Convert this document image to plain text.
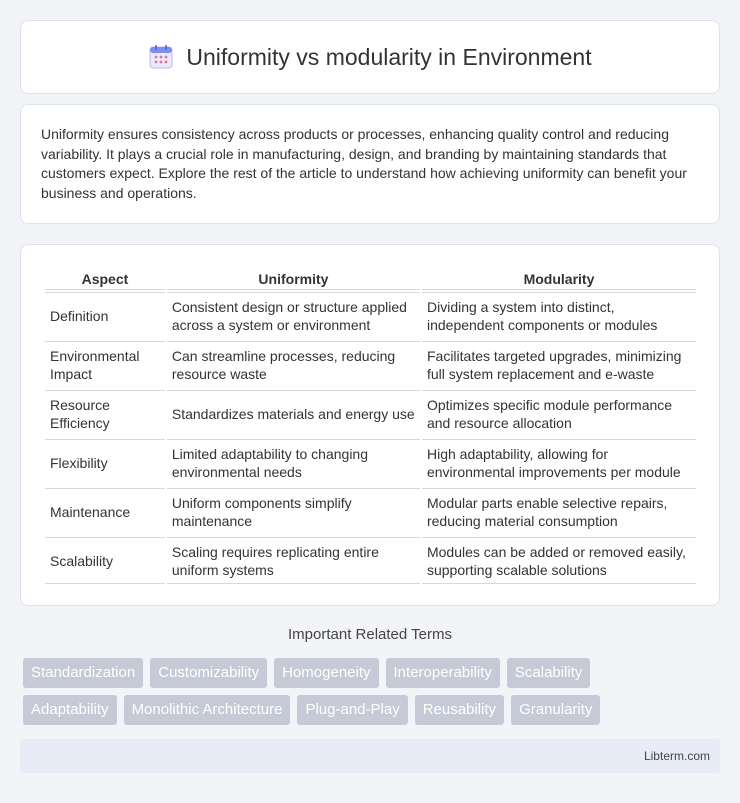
Uniformity vs modularity in Environment

Uniformity ensures consistency across products or processes, enhancing quality control and reducing variability. It plays a crucial role in manufacturing, design, and branding by maintaining standards that customers expect. Explore the rest of the article to understand how achieving uniformity can benefit your business and operations.

Aspect	Uniformity	Modularity
Definition	Consistent design or structure applied across a system or environment	Dividing a system into distinct, independent components or modules
Environmental Impact	Can streamline processes, reducing resource waste	Facilitates targeted upgrades, minimizing full system replacement and e-waste
Resource Efficiency	Standardizes materials and energy use	Optimizes specific module performance and resource allocation
Flexibility	Limited adaptability to changing environmental needs	High adaptability, allowing for environmental improvements per module
Maintenance	Uniform components simplify maintenance	Modular parts enable selective repairs, reducing material consumption
Scalability	Scaling requires replicating entire uniform systems	Modules can be added or removed easily, supporting scalable solutions
Important Related Terms
Standardization	Customizability	Homogeneity	Interoperability	Scalability
Adaptability	Monolithic Architecture	Plug-and-Play	Reusability	Granularity
Libterm.com
